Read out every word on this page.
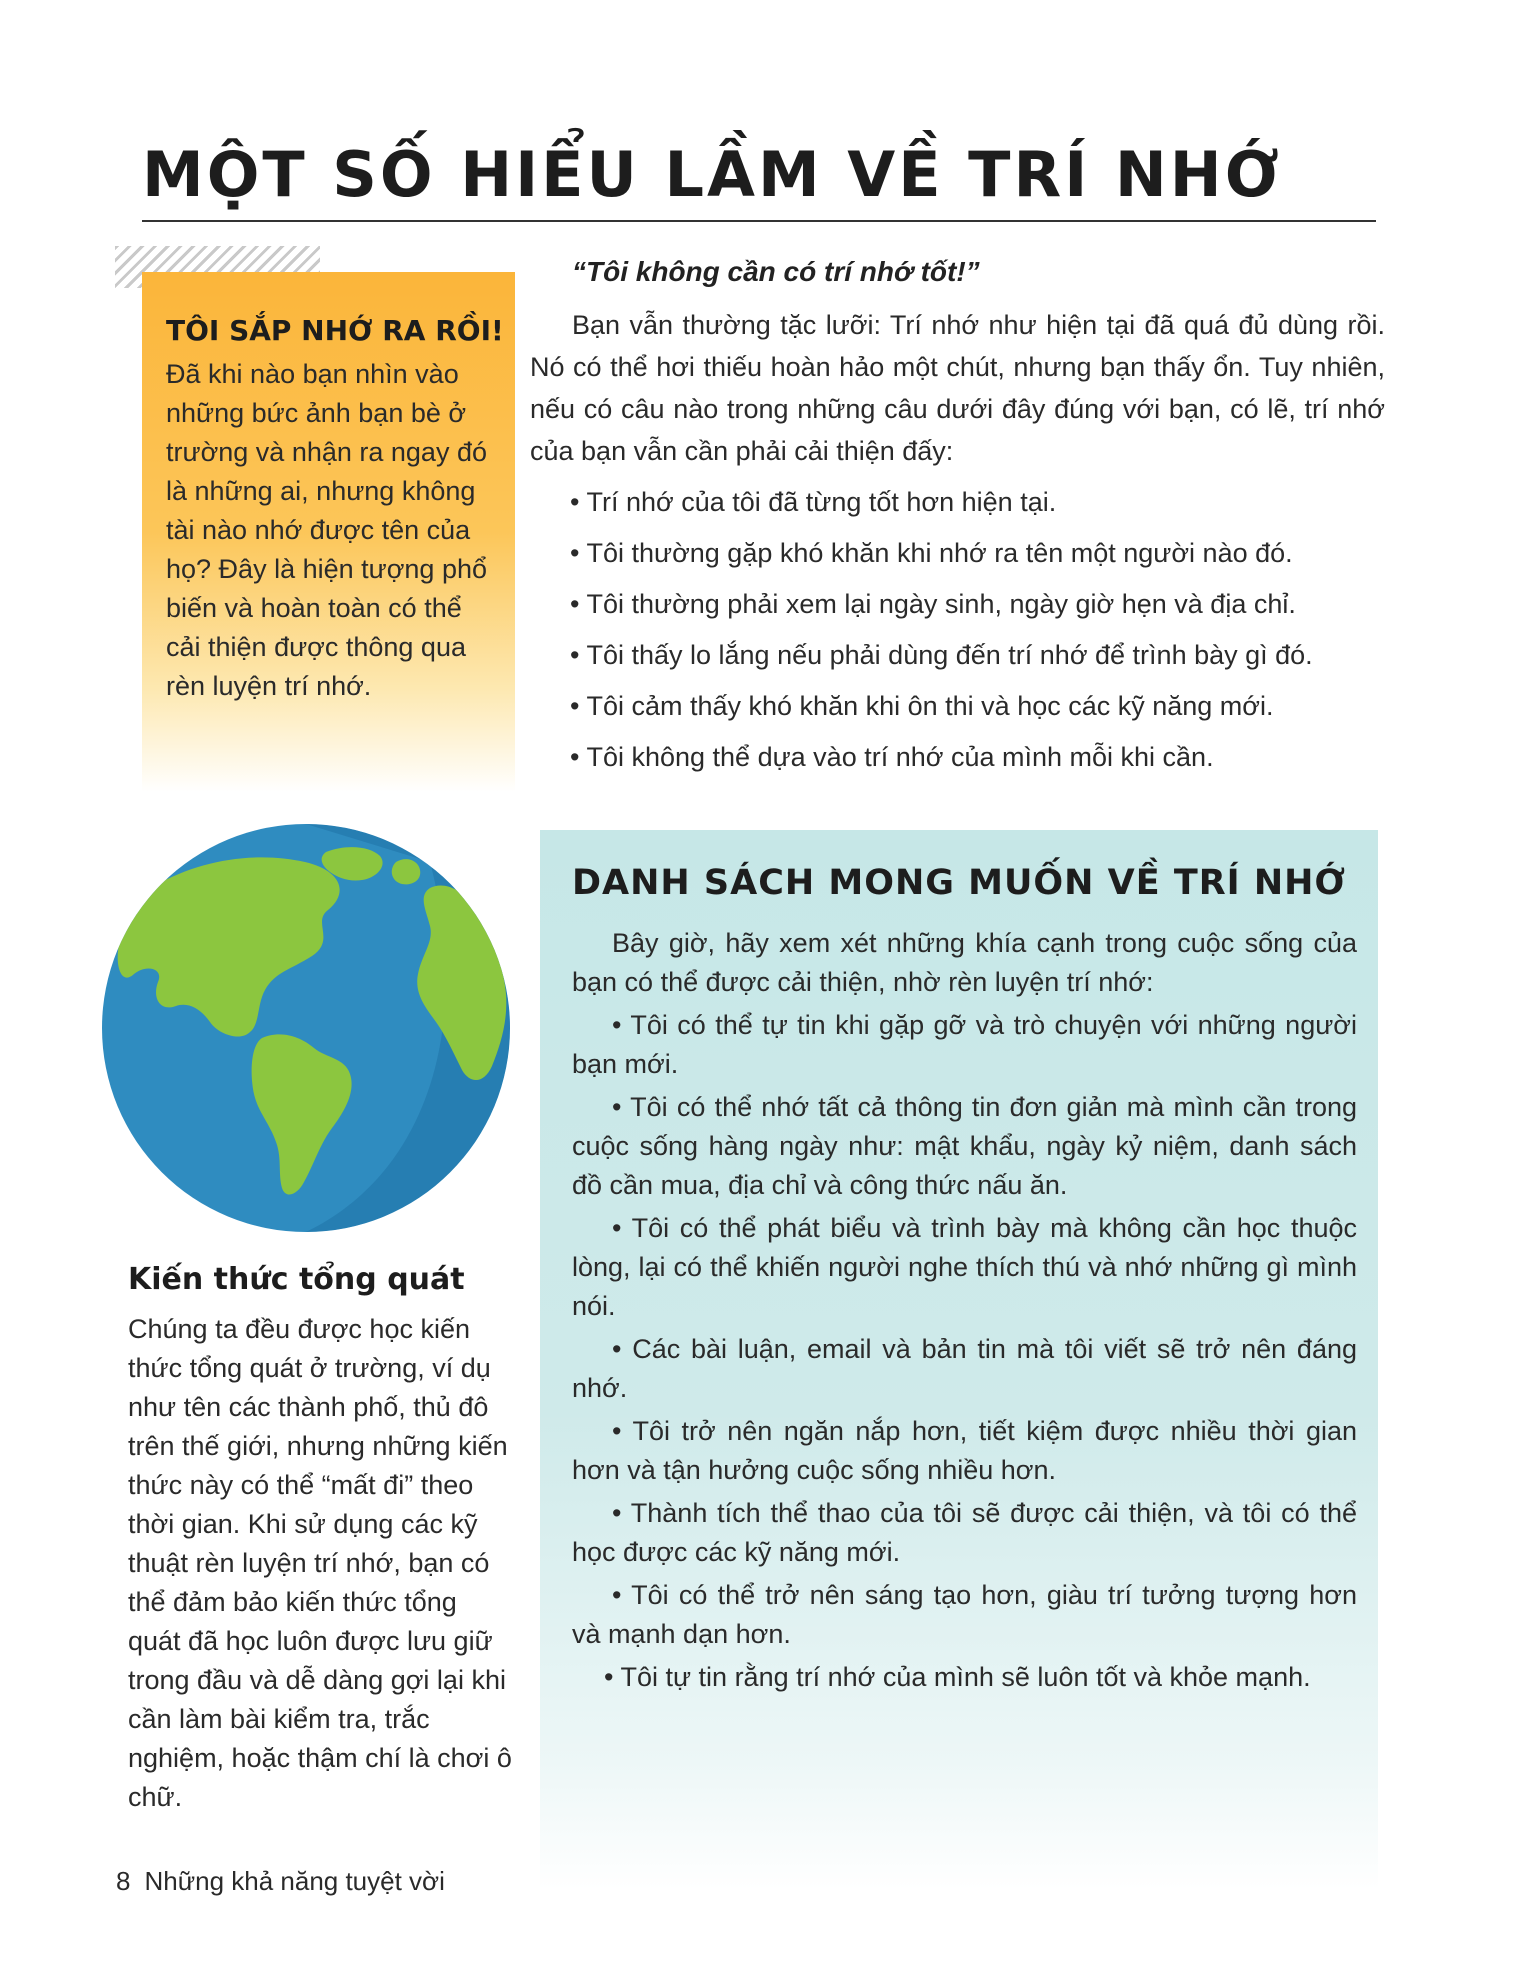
MỘT SỐ HIỂU LẦM VỀ TRÍ NHỚ
TÔI SẮP NHỚ RA RỒI!

Đã khi nào bạn nhìn vào những bức ảnh bạn bè ở trường và nhận ra ngay đó là những ai, nhưng không tài nào nhớ được tên của họ? Đây là hiện tượng phổ biến và hoàn toàn có thể cải thiện được thông qua rèn luyện trí nhớ.

“Tôi không cần có trí nhớ tốt!”

Bạn vẫn thường tặc lưỡi: Trí nhớ như hiện tại đã quá đủ dùng rồi. Nó có thể hơi thiếu hoàn hảo một chút, nhưng bạn thấy ổn. Tuy nhiên, nếu có câu nào trong những câu dưới đây đúng với bạn, có lẽ, trí nhớ của bạn vẫn cần phải cải thiện đấy:

• Trí nhớ của tôi đã từng tốt hơn hiện tại.
• Tôi thường gặp khó khăn khi nhớ ra tên một người nào đó.
• Tôi thường phải xem lại ngày sinh, ngày giờ hẹn và địa chỉ.
• Tôi thấy lo lắng nếu phải dùng đến trí nhớ để trình bày gì đó.
• Tôi cảm thấy khó khăn khi ôn thi và học các kỹ năng mới.
• Tôi không thể dựa vào trí nhớ của mình mỗi khi cần.
Kiến thức tổng quát

Chúng ta đều được học kiến thức tổng quát ở trường, ví dụ như tên các thành phố, thủ đô trên thế giới, nhưng những kiến thức này có thể “mất đi” theo thời gian. Khi sử dụng các kỹ thuật rèn luyện trí nhớ, bạn có thể đảm bảo kiến thức tổng quát đã học luôn được lưu giữ trong đầu và dễ dàng gợi lại khi cần làm bài kiểm tra, trắc nghiệm, hoặc thậm chí là chơi ô chữ.

DANH SÁCH MONG MUỐN VỀ TRÍ NHỚ

Bây giờ, hãy xem xét những khía cạnh trong cuộc sống của bạn có thể được cải thiện, nhờ rèn luyện trí nhớ:

• Tôi có thể tự tin khi gặp gỡ và trò chuyện với những người bạn mới.

• Tôi có thể nhớ tất cả thông tin đơn giản mà mình cần trong cuộc sống hàng ngày như: mật khẩu, ngày kỷ niệm, danh sách đồ cần mua, địa chỉ và công thức nấu ăn.

• Tôi có thể phát biểu và trình bày mà không cần học thuộc lòng, lại có thể khiến người nghe thích thú và nhớ những gì mình nói.

• Các bài luận, email và bản tin mà tôi viết sẽ trở nên đáng nhớ.

• Tôi trở nên ngăn nắp hơn, tiết kiệm được nhiều thời gian hơn và tận hưởng cuộc sống nhiều hơn.

• Thành tích thể thao của tôi sẽ được cải thiện, và tôi có thể học được các kỹ năng mới.

• Tôi có thể trở nên sáng tạo hơn, giàu trí tưởng tượng hơn và mạnh dạn hơn.

• Tôi tự tin rằng trí nhớ của mình sẽ luôn tốt và khỏe mạnh.

8 Những khả năng tuyệt vời
